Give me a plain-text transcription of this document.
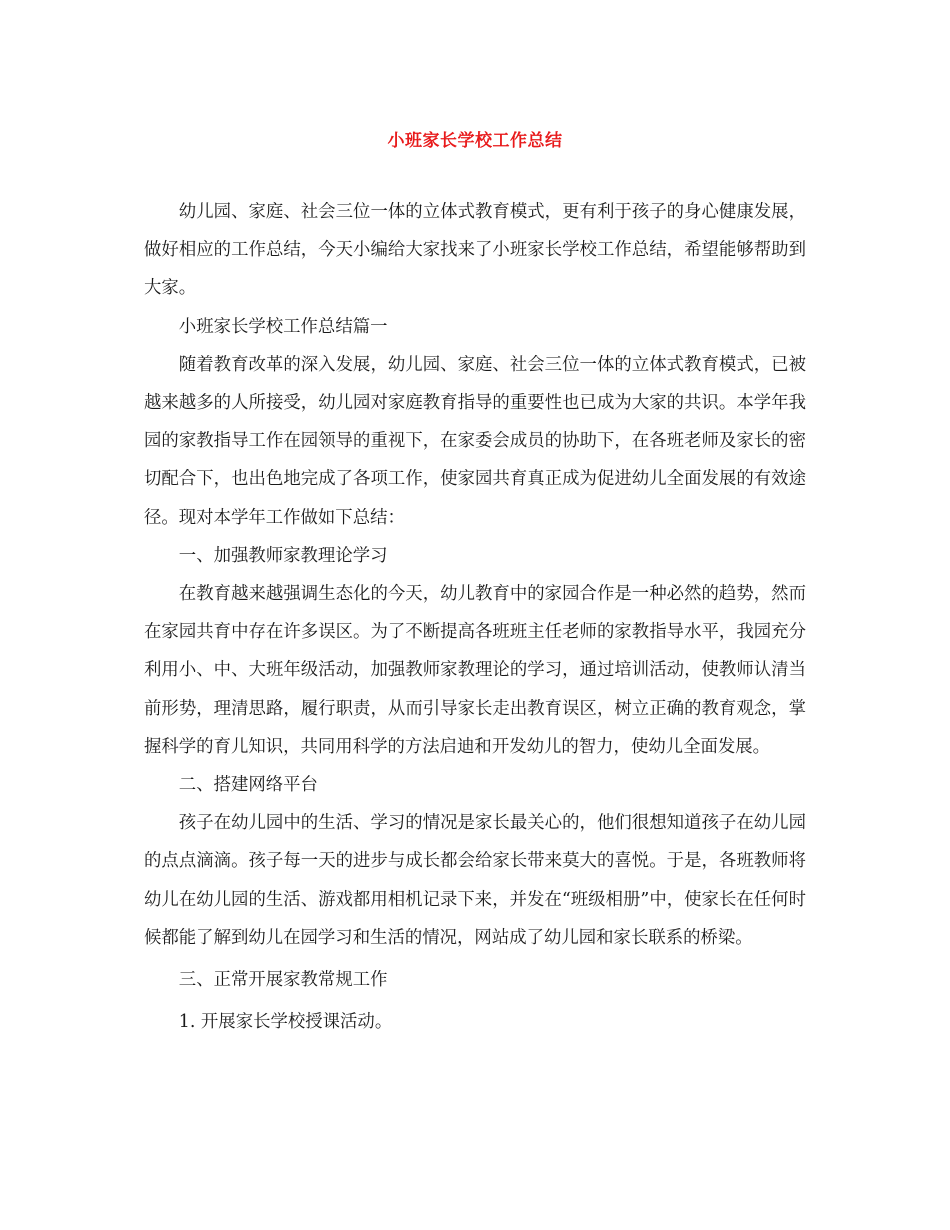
小班家长学校工作总结

幼儿园、家庭、社会三位一体的立体式教育模式，更有利于孩子的身心健康发展，做好相应的工作总结，今天小编给大家找来了小班家长学校工作总结，希望能够帮助到大家。

小班家长学校工作总结篇一

随着教育改革的深入发展，幼儿园、家庭、社会三位一体的立体式教育模式，已被越来越多的人所接受，幼儿园对家庭教育指导的重要性也已成为大家的共识。本学年我园的家教指导工作在园领导的重视下，在家委会成员的协助下，在各班老师及家长的密切配合下，也出色地完成了各项工作，使家园共育真正成为促进幼儿全面发展的有效途径。现对本学年工作做如下总结：

一、加强教师家教理论学习

在教育越来越强调生态化的今天，幼儿教育中的家园合作是一种必然的趋势，然而在家园共育中存在许多误区。为了不断提高各班班主任老师的家教指导水平，我园充分利用小、中、大班年级活动，加强教师家教理论的学习，通过培训活动，使教师认清当前形势，理清思路，履行职责，从而引导家长走出教育误区，树立正确的教育观念，掌握科学的育儿知识，共同用科学的方法启迪和开发幼儿的智力，使幼儿全面发展。

二、搭建网络平台

孩子在幼儿园中的生活、学习的情况是家长最关心的，他们很想知道孩子在幼儿园的点点滴滴。孩子每一天的进步与成长都会给家长带来莫大的喜悦。于是，各班教师将幼儿在幼儿园的生活、游戏都用相机记录下来，并发在“班级相册”中，使家长在任何时候都能了解到幼儿在园学习和生活的情况，网站成了幼儿园和家长联系的桥梁。

三、正常开展家教常规工作

1. 开展家长学校授课活动。
